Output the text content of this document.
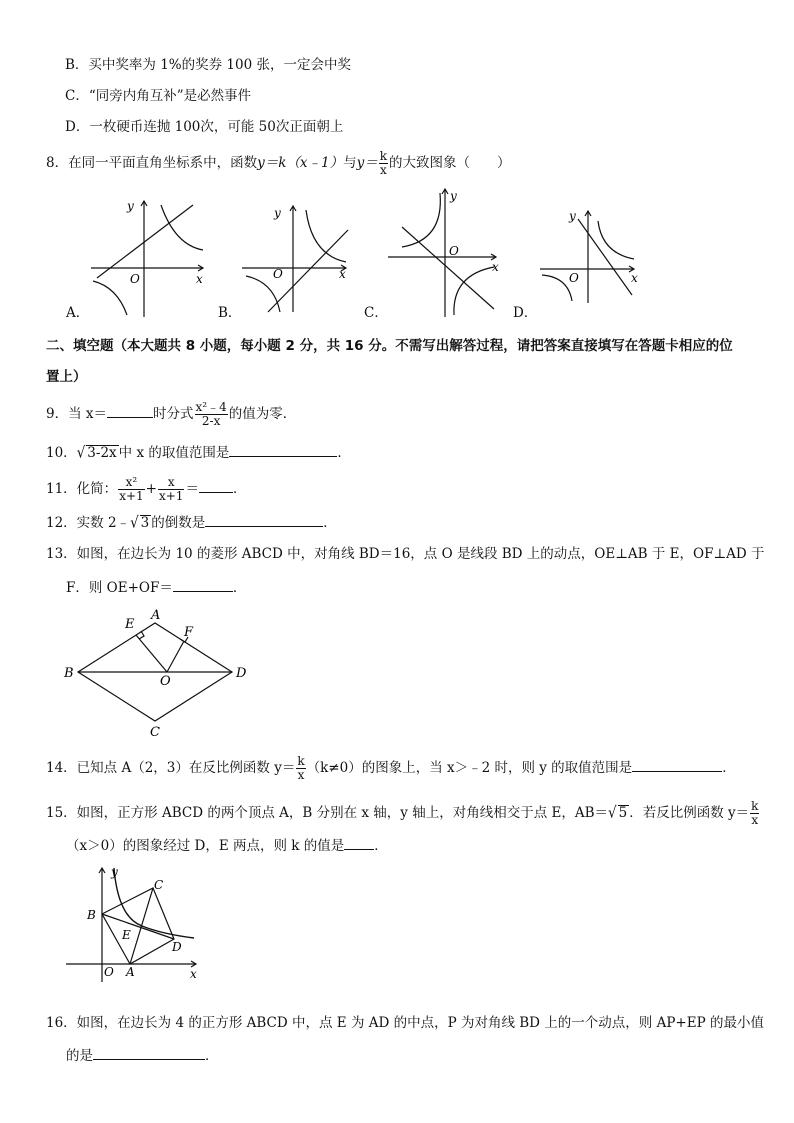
B．买中奖率为 1%的奖券 100 张，一定会中奖
C．“同旁内角互补”是必然事件
D．一枚硬币连抛 100次，可能 50次正面朝上
8．在同一平面直角坐标系中，函数y＝k（x﹣1）与$y= \frac{k}{x}$ 的大致图象（　　）
y
x
O
A．
y
x
O
B．
y
x
O
C．
y
x
O
D．
二、填空题（本大题共 8 小题，每小题 2 分，共 16 分。不需写出解答过程，请把答案直接填写在答题卡相应的位
置上）
9．当 x＝	时分式 $\frac{\text{x²﹣4}}{2-x}$ 的值为零．
10．√ 3-2x 中 x 的取值范围是	．
11．化简： $\frac{\text{x²}}{x+1} + \frac{x}{x+1}$ ＝	．
12．实数 2﹣√ 3 的倒数是	．
13．如图，在边长为 10 的菱形 ABCD 中，对角线 BD＝16，点 O 是线段 BD 上的动点，OE⊥AB 于 E，OF⊥AD 于
F．则 OE+OF＝	．
A
B
C
D
E
F
O
14．已知点 A（2，3）在反比例函数 $y= \frac{k}{x} (k\ne 0)$的图象上，当 x＞﹣2 时，则 y 的取值范围是	．
15．如图，正方形 ABCD 的两个顶点 A，B 分别在 x 轴，y 轴上，对角线相交于点 E，AB＝√ 5 ．若反比例函数 $y= \frac{k}{x}$
（x＞0）的图象经过 D，E 两点，则 k 的值是 ．
y
x
O A
B
C
D
E
16．如图，在边长为 4 的正方形 ABCD 中，点 E 为 AD 的中点，P 为对角线 BD 上的一个动点，则 AP+EP 的最小值
的是	．
